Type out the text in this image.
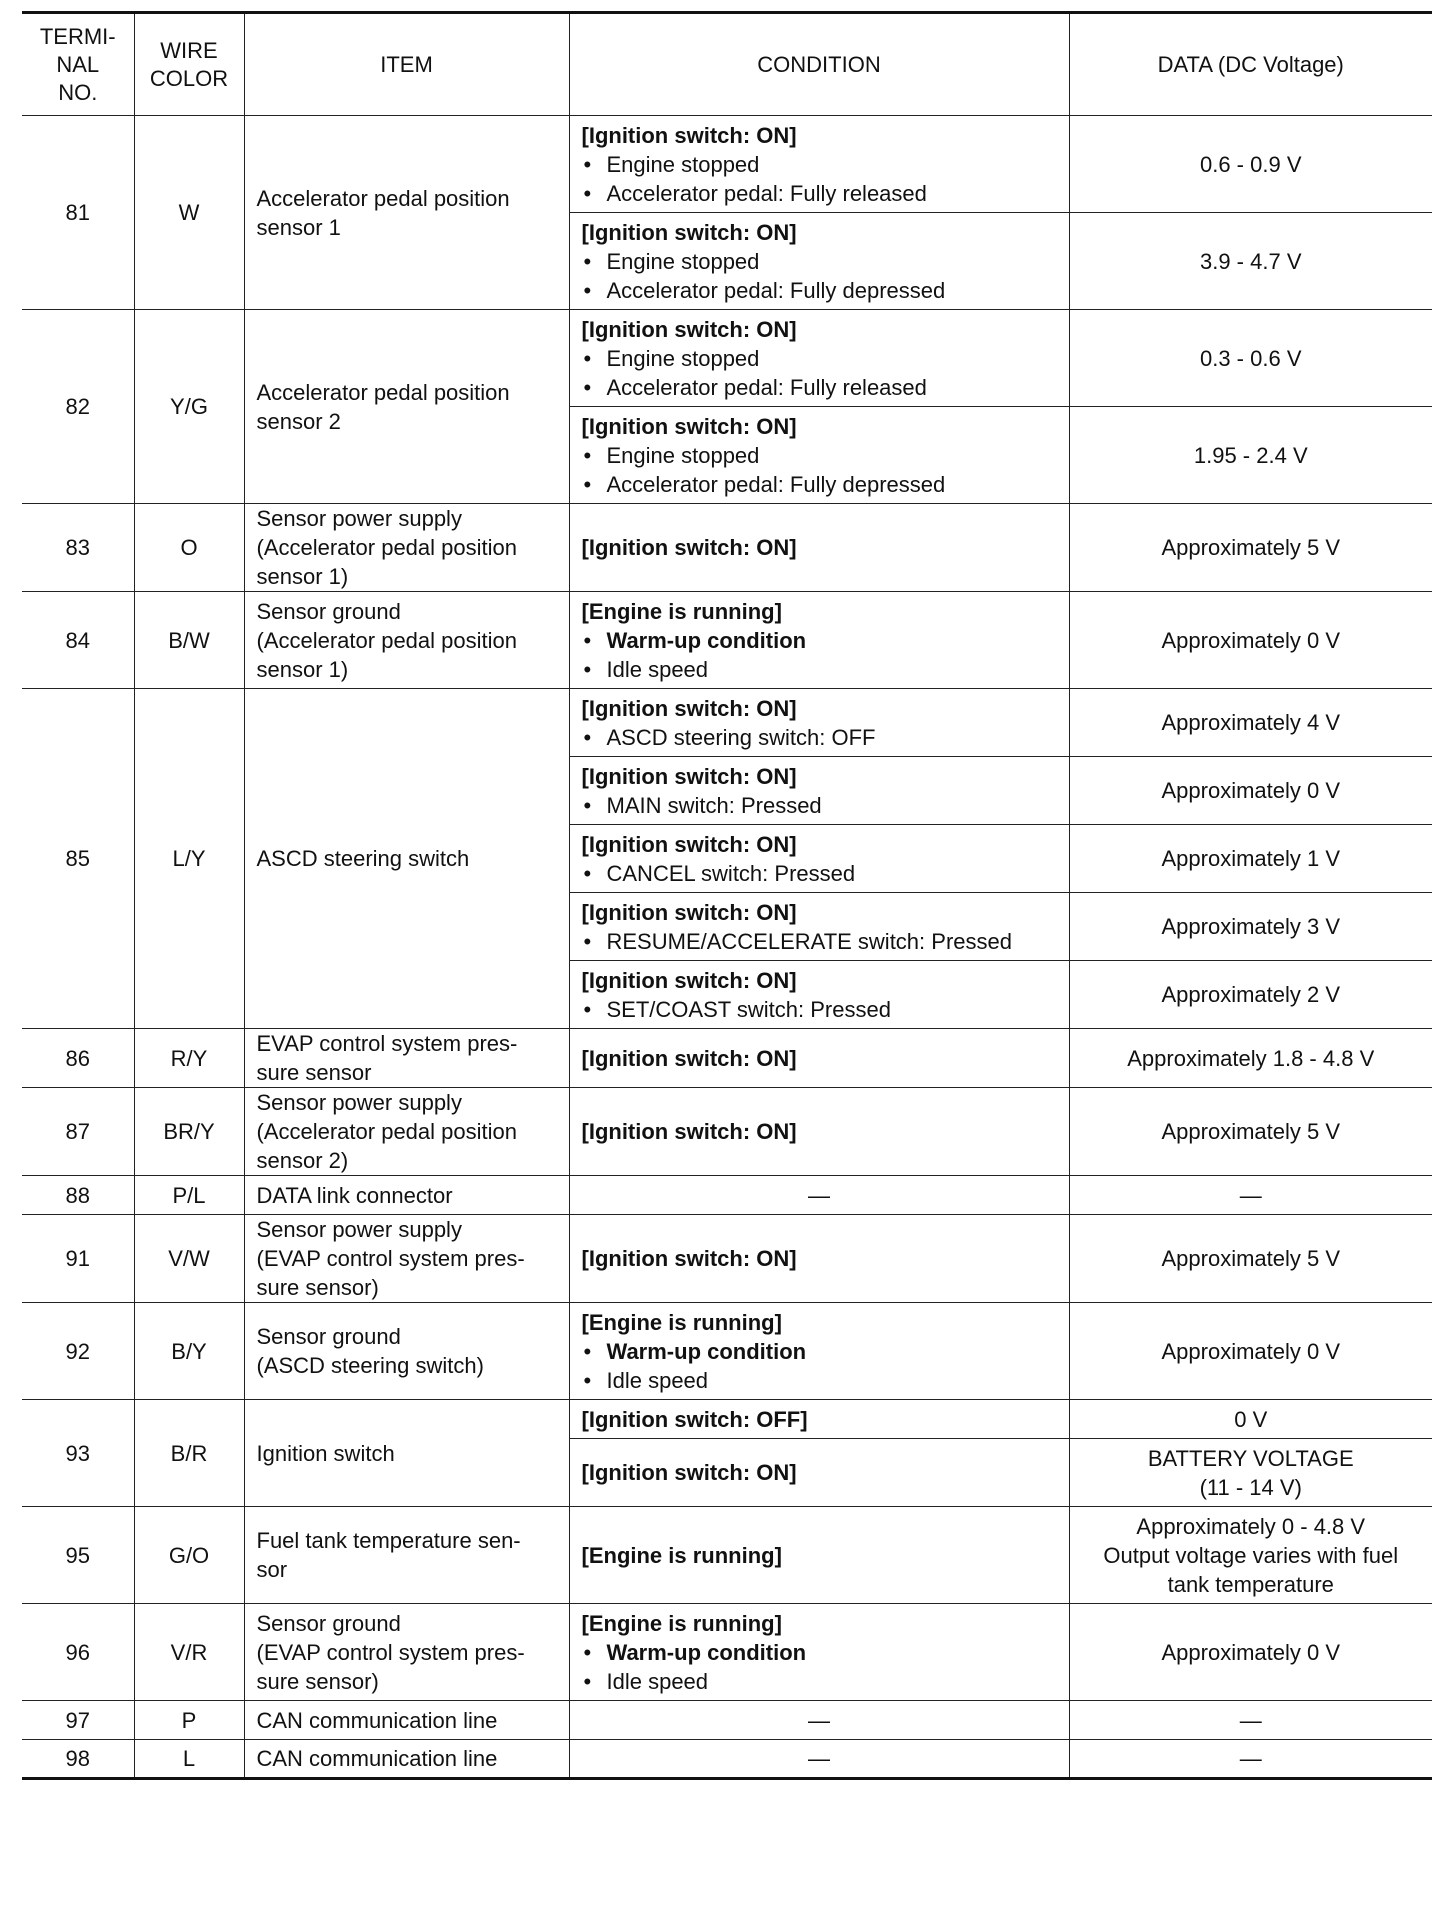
TERMI-
NAL
NO.	WIRE
COLOR	ITEM	CONDITION	DATA (DC Voltage)
81	W	Accelerator pedal position
sensor 1	[Ignition switch: ON]
• Engine stopped
• Accelerator pedal: Fully released	0.6 - 0.9 V

			[Ignition switch: ON]
• Engine stopped
• Accelerator pedal: Fully depressed	3.9 - 4.7 V

82	Y/G	Accelerator pedal position
sensor 2	[Ignition switch: ON]
• Engine stopped
• Accelerator pedal: Fully released	0.3 - 0.6 V

			[Ignition switch: ON]
• Engine stopped
• Accelerator pedal: Fully depressed	1.95 - 2.4 V

83	O	Sensor power supply
(Accelerator pedal position
sensor 1)	[Ignition switch: ON]	Approximately 5 V

84	B/W	Sensor ground
(Accelerator pedal position
sensor 1)	[Engine is running]
• Warm-up condition
• Idle speed	Approximately 0 V

85	L/Y	ASCD steering switch	[Ignition switch: ON]
• ASCD steering switch: OFF	Approximately 4 V

			[Ignition switch: ON]
• MAIN switch: Pressed	Approximately 0 V

			[Ignition switch: ON]
• CANCEL switch: Pressed	Approximately 1 V

			[Ignition switch: ON]
• RESUME/ACCELERATE switch: Pressed	Approximately 3 V

			[Ignition switch: ON]
• SET/COAST switch: Pressed	Approximately 2 V

86	R/Y	EVAP control system pres-
sure sensor	[Ignition switch: ON]	Approximately 1.8 - 4.8 V

87	BR/Y	Sensor power supply
(Accelerator pedal position
sensor 2)	[Ignition switch: ON]	Approximately 5 V

88	P/L	DATA link connector	—	—

91	V/W	Sensor power supply
(EVAP control system pres-
sure sensor)	[Ignition switch: ON]	Approximately 5 V

92	B/Y	Sensor ground
(ASCD steering switch)	[Engine is running]
• Warm-up condition
• Idle speed	Approximately 0 V

93	B/R	Ignition switch	[Ignition switch: OFF]	0 V

			[Ignition switch: ON]	BATTERY VOLTAGE
(11 - 14 V)

95	G/O	Fuel tank temperature sen-
sor	[Engine is running]	Approximately 0 - 4.8 V
Output voltage varies with fuel
tank temperature

96	V/R	Sensor ground
(EVAP control system pres-
sure sensor)	[Engine is running]
• Warm-up condition
• Idle speed	Approximately 0 V

97	P	CAN communication line	—	—

98	L	CAN communication line	—	—
